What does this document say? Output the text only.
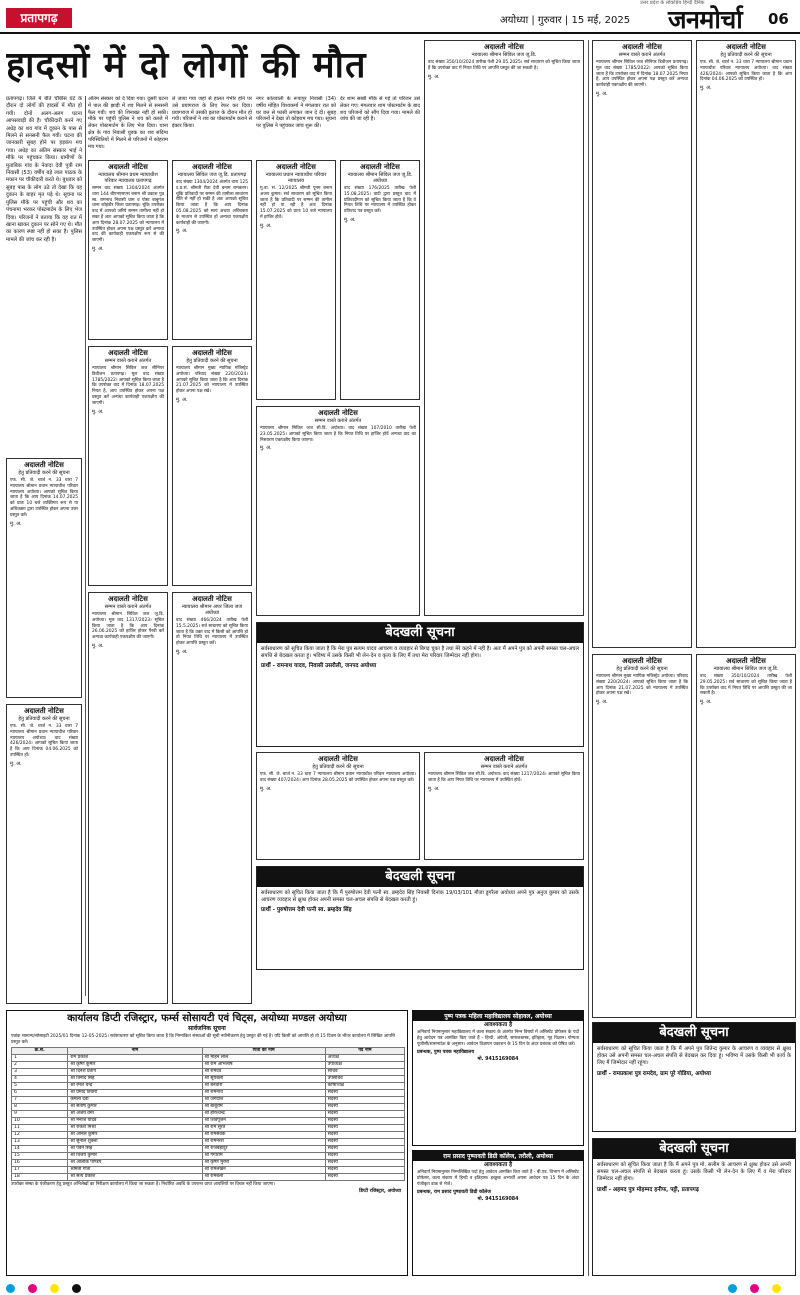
प्रतापगढ़
उत्तर प्रदेश के लोकप्रिय हिन्दी दैनिक
अयोध्या | गुरुवार | 15 मई, 2025 जनमोर्चा 06
हादसों में दो लोगों की मौत

प्रतापगढ़। जिले में बीते चौबीस घंटे के दौरान दो लोगों की हादसों में मौत हो गयी। दोनों अलग-अलग घटना आपसवाड़ी की है। चौकीदारी करने गए अधेड़ का शव गांव में दूकान के पास से मिलने से सनसनी फैल गयी। घटना की जानकारी सुबह होने पर हड़कंप मच गया। अधेड़ का अंतिम संस्कार भाई ने मौके पर पहुंचकर किया। ग्रामीणों के मुताबिक गांव के नेवादा देवी पुत्री राम निवासी (53) वर्षीय बड़े लाल पाठक के मकान पर चौकीदारी करते थे। बुधवार को सुबह पास के लोग उठे तो देखा कि वह दुकान के बाहर मृत पड़े थे। सूचना पर पुलिस मौके पर पहुंची और शव का पंचनामा भरकर पोस्टमार्टम के लिए भेज दिया। परिजनों ने बताया कि वह रात में खाना खाकर दुकान पर सोने गए थे। मौत का कारण स्पष्ट नहीं हो सका है। पुलिस मामले की जांच कर रही है।

अंतिम संस्कार को दे दिया गया। दूसरी घटना में पाल की झाड़ी में शव मिलने से सनसनी फैल गयी। शव की शिनाख्त नहीं हो सकी। मौके पर पहुंची पुलिस ने शव को कब्जे में लेकर पोस्टमार्टम के लिए भेज दिया। थाना क्षेत्र के गांव निवासी युवक का शव संदिग्ध परिस्थितियों में मिलने से परिजनों में कोहराम मच गया।

ले जाया गया जहां से हालत गंभीर होने पर उसे प्रयागराज के लिए रेफर कर दिया। प्रयागराज में उसकी इलाज के दौरान मौत हो गयी। परिजनों ने शव का पोस्टमार्टम कराने से इंकार किया।

नगर कोतवाली के रूपापुर निवासी (34) वर्षीय मोहित विश्वकर्मा ने मंगलवार रात को घर छत से फांसी लगाकर जान दे दी। सुबह परिजनों ने देखा तो कोहराम मच गया। सूचना पर पुलिस ने पहुंचकर जांच शुरू की।

देर शाम सब्बी मौके से गई तो परिजन उसे लेकर गए। मंगलवार शाम पोस्टमार्टम के बाद शव परिजनों को सौंप दिया गया। मामले की जांच की जा रही है।

अदालती नोटिस
न्यायालय श्रीमान प्रथम न्यायाधीश परिवार न्यायालय प्रतापगढ़
सम्मन वाद संख्या 1304/2024 अंतर्गत धारा 144 बीएनएसएस बनाम श्री प्रकाश पुत्र स्व. रामनाथ निवासी ग्राम व पोस्ट बाबूगंज थाना कोहंडौर जिला प्रतापगढ़। चूंकि उपरोक्त वाद में आपको जरिये सम्मन तामीला नहीं हो सका है अतः आपको सूचित किया जाता है कि आप दिनांक 28.07.2025 को न्यायालय में उपस्थित होकर अपना पक्ष प्रस्तुत करें अन्यथा वाद की कार्यवाही एकपक्षीय रूप से की जाएगी।
मु. अ.
अदालती नोटिस
न्यायालय सिविल जज जू.डि. प्रतापगढ़
वाद संख्या 1304/2024 अंतर्गत धारा 125 द.प्र.सं. श्रीमती रीता देवी बनाम रामकरन। चूंकि प्रतिवादी पर सम्मन की तामीला साधारण रीति से नहीं हो सकी है अतः आपको सूचित किया जाता है कि आप दिनांक 05.08.2025 को स्वयं अथवा अधिवक्ता के माध्यम से उपस्थित हों अन्यथा एकपक्षीय कार्यवाही की जाएगी।
मु. अ.
अदालती नोटिस
न्यायालय प्रधान न्यायाधीश परिवार न्यायालय
मु.वा. सं. 12/2025 श्रीमती पूनम बनाम अजय कुमार। सर्व साधारण को सूचित किया जाता है कि प्रतिवादी पर सम्मन की तामील नहीं हो पा रही है अतः दिनांक 15.07.2025 को प्रातः 10 बजे न्यायालय में हाजिर होवें।
मु. अ.
अदालती नोटिस
न्यायालय श्रीमान सिविल जज जू.डि. अयोध्या
वाद संख्या 176/2025 तारीख पेशी 15.08.2025। वादी द्वारा प्रस्तुत वाद में प्रतिवादीगण को सूचित किया जाता है कि वे नियत तिथि पर न्यायालय में उपस्थित होकर प्रतिवाद पत्र प्रस्तुत करें।
मु. अ.
अदालती नोटिस
हेतु प्रतिवादी करने की सूचना
एफ. सी. जे. चार्ज न. 33 धारा 7 न्यायालय श्रीमान प्रधान न्यायाधीश परिवार न्यायालय अयोध्या। आपको सूचित किया जाता है कि आप दिनांक 14.07.2025 को प्रातः 10 बजे व्यक्तिगत रूप से या अधिवक्ता द्वारा उपस्थित होकर अपना उत्तर प्रस्तुत करें।
मु. अ.
अदालती नोटिस
सम्मन वास्ते कराने अंतर्गत
न्यायालय श्रीमान सिविल जज सीनियर डिवीजन प्रतापगढ़। मूल वाद संख्या 1785/2022। आपको सूचित किया जाता है कि उपरोक्त वाद में दिनांक 18.07.2025 नियत है, आप उपस्थित होकर अपना पक्ष प्रस्तुत करें अन्यथा कार्यवाही एकपक्षीय की जाएगी।
मु. अ.
अदालती नोटिस
हेतु प्रतिवादी करने की सूचना
न्यायालय श्रीमान मुख्य न्यायिक मजिस्ट्रेट अयोध्या। परिवाद संख्या 220/2024। आपको सूचित किया जाता है कि आप दिनांक 21.07.2025 को न्यायालय में उपस्थित होकर अपना पक्ष रखें।
मु. अ.
अदालती नोटिस
सम्मन वास्ते कराने अंतर्गत
न्यायालय श्रीमान सिविल जज सी.डि. अयोध्या। वाद संख्या 107/2010 तारीख पेशी 23.05.2025। आपको सूचित किया जाता है कि नियत तिथि पर हाजिर होवें अन्यथा वाद का निस्तारण एकपक्षीय किया जाएगा।
मु. अ.
अदालती नोटिस
हेतु प्रतिवादी करने की सूचना
एफ. सी. जे. चार्ज न. 33 धारा 7 न्यायालय श्रीमान प्रधान न्यायाधीश परिवार न्यायालय अयोध्या। वाद संख्या 426/2024। आपको सूचित किया जाता है कि आप दिनांक 04.06.2025 को उपस्थित हों।
मु. अ.
अदालती नोटिस
सम्मन वास्ते कराने अंतर्गत
न्यायालय श्रीमान सिविल जज जू.डि. अयोध्या। मूल वाद 1317/2023। सूचित किया जाता है कि आप दिनांक 26.06.2025 को हाजिर होकर पैरवी करें अन्यथा कार्यवाही एकपक्षीय की जाएगी।
मु. अ.
अदालती नोटिस
न्यायालय श्रीमान अपर जिला जज अयोध्या
वाद संख्या 466/2024 तारीख पेशी 15.5.2025। सर्व साधारण को सूचित किया जाता है कि उक्त वाद में किसी को आपत्ति हो तो नियत तिथि पर न्यायालय में उपस्थित होकर आपत्ति प्रस्तुत करें।
मु. अ.
बेदखली सूचना
सर्वसाधारण को सूचित किया जाता है कि मेरा पुत्र सत्यम यादव आचरण व व्यवहार से बिगड़ चुका है तथा मेरे कहने में नहीं है। अतः मैं अपने पुत्र को अपनी समस्त चल-अचल संपत्ति से बेदखल करता हूं। भविष्य में उसके किसी भी लेन-देन व कृत्य के लिए मैं तथा मेरा परिवार जिम्मेदार नहीं होगा।
प्रार्थी - रामनाथ यादव, निवासी उसरौली, जनपद अयोध्या
अदालती नोटिस
हेतु प्रतिवादी करने की सूचना
एफ. सी. जे. चार्ज न. 33 धारा 7 न्यायालय श्रीमान प्रधान न्यायाधीश परिवार न्यायालय अयोध्या। वाद संख्या 407/2024। आप दिनांक 28.05.2025 को उपस्थित होकर अपना पक्ष प्रस्तुत करें।
मु. अ.
अदालती नोटिस
सम्मन वास्ते कराने अंतर्गत
न्यायालय श्रीमान सिविल जज सी.डि. अयोध्या। वाद संख्या 1217/2024। आपको सूचित किया जाता है कि आप नियत तिथि पर न्यायालय में उपस्थित होवें।
मु. अ.
बेदखली सूचना
सर्वसाधारण को सूचित किया जाता है कि मैं पुरुषोत्तम देवी पत्नी स्व. ब्रम्हदेव सिंह निवासी दिनांक 19/03/101 मौजा डुगरैला अयोध्या अपने पुत्र अनुज कुमार को उसके आचरण व्यवहार से क्षुब्ध होकर अपनी समस्त चल-अचल संपत्ति से बेदखल करती हूं।
प्रार्थी - पुरुषोत्तम देवी पत्नी स्व. ब्रम्हदेव सिंह
कार्यालय डिप्टी रजिस्ट्रार, फर्म्स सोसायटी एवं चिट्स, अयोध्या मण्डल अयोध्या
सार्वजनिक सूचना
पत्रांक सामान्य/सोसाइटी 2025/01 दिनांक 12-05-2025। सर्वसाधारण को सूचित किया जाता है कि निम्नांकित संस्थाओं की सूची नवीनीकरण हेतु प्रस्तुत की गई है। यदि किसी को आपत्ति हो तो 15 दिवस के भीतर कार्यालय में लिखित आपत्ति प्रस्तुत करें।
क्र.सं.	नाम	पिता का नाम	पद नाम
1	राम प्रकाश	श्री मोहन लाल	अध्यक्ष
2	श्री कृष्ण कुमार	श्री राम अभिलाष	उपाध्यक्ष
3	श्री दिनेश प्रताप	श्री रामदेव	सचिव
4	श्री विनोद सिंह	श्री सूर्यबली	उपसचिव
5	श्री रमेश चन्द्र	श्री बनवारी	कोषाध्यक्ष
6	श्री प्रमोद तिवारी	श्री रामनाथ	सदस्य
7	कमला देवी	श्री जगदीश	सदस्य
8	श्री संतोष कुमार	श्री बाबूराम	सदस्य
9	श्री अजय वर्मा	श्री हरिश्चन्द्र	सदस्य
10	श्री मनोज यादव	श्री शिवपूजन	सदस्य
11	श्री राकेश मिश्रा	श्री राम सूरत	सदस्य
12	श्री अनिल कुमार	श्री रामसेवक	सदस्य
13	श्री सुनील शुक्ला	श्री रामनरेश	सदस्य
14	श्री पवन सिंह	श्री राजबहादुर	सदस्य
15	श्री विजय कुमार	श्री गंगाराम	सदस्य
16	श्री आलोक पाण्डेय	श्री कृष्ण मुरारी	सदस्य
17	श्रीमती गीता	श्री रामलखन	सदस्य
18	श्री सत्य प्रकाश	श्री रामबली	सदस्य
उपरोक्त संस्था के पंजीकरण हेतु प्रस्तुत अभिलेखों का निरीक्षण कार्यालय में किया जा सकता है। निर्धारित अवधि के उपरान्त प्राप्त आपत्तियों पर विचार नहीं किया जाएगा।
डिप्टी रजिस्ट्रार, अयोध्या
पुष्प पत्रक महिला महाविद्यालय सोहावल, अयोध्या
आवश्यकता है
अनिवार्य नियमानुसार महाविद्यालय में कला संकाय के अंतर्गत निम्न विषयों में असिस्टेंट प्रोफेसर के पदों हेतु आवेदन पत्र आमंत्रित किए जाते हैं - हिन्दी, अंग्रेजी, समाजशास्त्र, इतिहास, गृह विज्ञान। योग्यता यूजीसी/शासनादेश के अनुसार। आवेदन विज्ञापन प्रकाशन के 15 दिन के अंदर प्रबंधक को प्रेषित करें।
प्रबन्धक, पुष्प पत्रक महाविद्यालय
मो. 9415169084
राम प्रसाद पुष्पावती डिग्री कॉलेज, तरौली, अयोध्या
आवश्यकता है
अनिवार्य नियमानुसार निम्नलिखित पदों हेतु आवेदन आमंत्रित किए जाते हैं - बी.एड. विभाग में असिस्टेंट प्रोफेसर, कला संकाय में हिन्दी व इतिहास। इच्छुक अभ्यर्थी अपना आवेदन पत्र 15 दिन के अंदर पंजीकृत डाक से भेजें।
प्रबन्धक, राम प्रसाद पुष्पावती डिग्री कॉलेज
मो. 9415169084
अदालती नोटिस
न्यायालय श्रीमान सिविल जज जू.डि.
वाद संख्या 350/10/2024 तारीख पेशी 29.05.2025। सर्व साधारण को सूचित किया जाता है कि उपरोक्त वाद में नियत तिथि पर आपत्ति प्रस्तुत की जा सकती है।
मु. अ.
अदालती नोटिस
सम्मन वास्ते कराने अंतर्गत
न्यायालय श्रीमान सिविल जज सीनियर डिवीजन प्रतापगढ़। मूल वाद संख्या 1785/2022। आपको सूचित किया जाता है कि उपरोक्त वाद में दिनांक 18.07.2025 नियत है, आप उपस्थित होकर अपना पक्ष प्रस्तुत करें अन्यथा कार्यवाही एकपक्षीय की जाएगी।
मु. अ.
अदालती नोटिस
हेतु प्रतिवादी करने की सूचना
एफ. सी. जे. चार्ज न. 33 धारा 7 न्यायालय श्रीमान प्रधान न्यायाधीश परिवार न्यायालय अयोध्या। वाद संख्या 426/2024। आपको सूचित किया जाता है कि आप दिनांक 04.06.2025 को उपस्थित हों।
मु. अ.
अदालती नोटिस
हेतु प्रतिवादी करने की सूचना
न्यायालय श्रीमान मुख्य न्यायिक मजिस्ट्रेट अयोध्या। परिवाद संख्या 220/2024। आपको सूचित किया जाता है कि आप दिनांक 21.07.2025 को न्यायालय में उपस्थित होकर अपना पक्ष रखें।
मु. अ.
अदालती नोटिस
न्यायालय श्रीमान सिविल जज जू.डि.
वाद संख्या 350/10/2024 तारीख पेशी 29.05.2025। सर्व साधारण को सूचित किया जाता है कि उपरोक्त वाद में नियत तिथि पर आपत्ति प्रस्तुत की जा सकती है।
मु. अ.
बेदखली सूचना
सर्वसाधारण को सूचित किया जाता है कि मैं अपने पुत्र जितेन्द्र कुमार के आचरण व व्यवहार से क्षुब्ध होकर उसे अपनी समस्त चल-अचल संपत्ति से बेदखल कर दिया हूं। भविष्य में उसके किसी भी कार्य के लिए मैं जिम्मेदार नहीं रहूंगा।
प्रार्थी - रामप्रकाश पुत्र रामदेव, ग्राम पूरे गोडिया, अयोध्या
बेदखली सूचना
सर्वसाधारण को सूचित किया जाता है कि मैं अपने पुत्र मो. सलीम के आचरण से क्षुब्ध होकर उसे अपनी समस्त चल-अचल संपत्ति से बेदखल करता हूं। उसके किसी भी लेन-देन के लिए मैं व मेरा परिवार जिम्मेदार नहीं होगा।
प्रार्थी - अहमद पुत्र मोहम्मद हनीफ, पट्टी, प्रतापगढ़
